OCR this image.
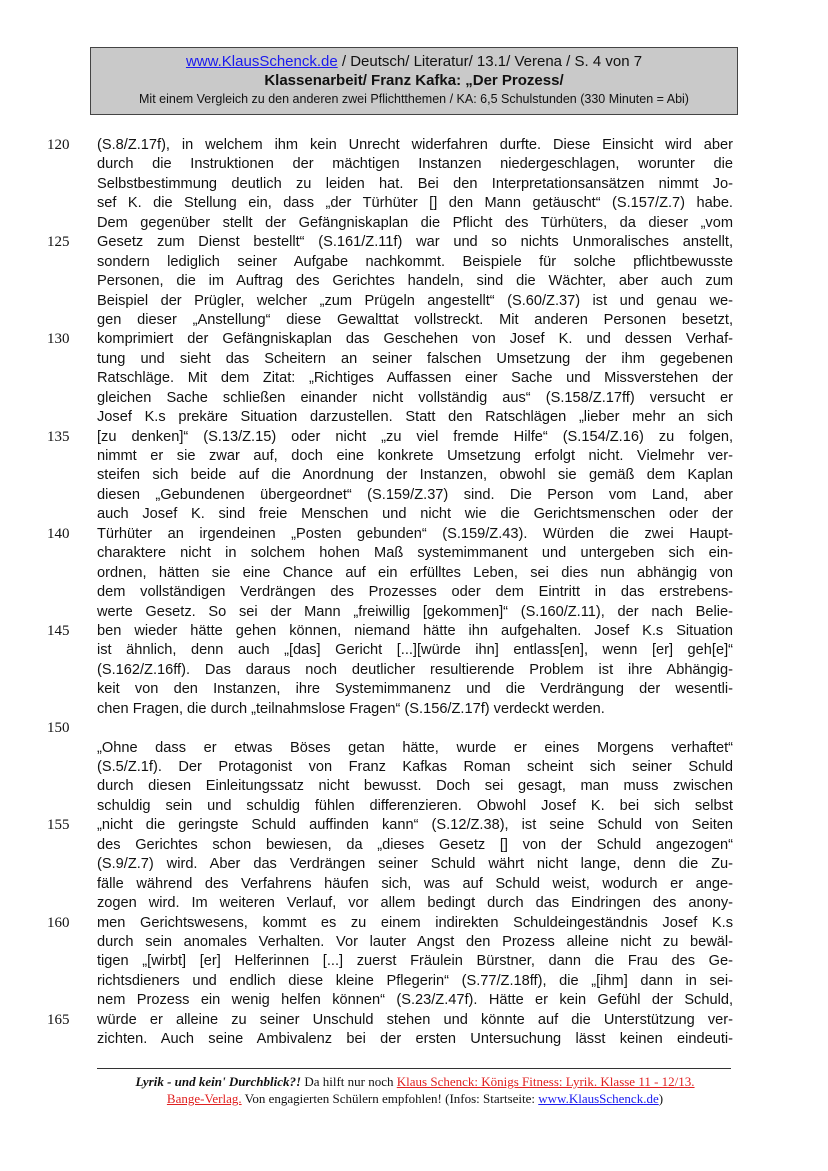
www.KlausSchenck.de / Deutsch/ Literatur/ 13.1/ Verena / S. 4 von 7
Klassenarbeit/ Franz Kafka: „Der Prozess/
Mit einem Vergleich zu den anderen zwei Pflichtthemen / KA: 6,5 Schulstunden (330 Minuten = Abi)
120	(S.8/Z.17f), in welchem ihm kein Unrecht widerfahren durfte. Diese Einsicht wird aber
durch die Instruktionen der mächtigen Instanzen niedergeschlagen, worunter die
Selbstbestimmung deutlich zu leiden hat. Bei den Interpretationsansätzen nimmt Jo-
sef K. die Stellung ein, dass „der Türhüter [] den Mann getäuscht“ (S.157/Z.7) habe.
Dem gegenüber stellt der Gefängniskaplan die Pflicht des Türhüters, da dieser „vom
125	Gesetz zum Dienst bestellt“ (S.161/Z.11f) war und so nichts Unmoralisches anstellt,
sondern lediglich seiner Aufgabe nachkommt. Beispiele für solche pflichtbewusste
Personen, die im Auftrag des Gerichtes handeln, sind die Wächter, aber auch zum
Beispiel der Prügler, welcher „zum Prügeln angestellt“ (S.60/Z.37) ist und genau we-
gen dieser „Anstellung“ diese Gewalttat vollstreckt. Mit anderen Personen besetzt,
130	komprimiert der Gefängniskaplan das Geschehen von Josef K. und dessen Verhaf-
tung und sieht das Scheitern an seiner falschen Umsetzung der ihm gegebenen
Ratschläge. Mit dem Zitat: „Richtiges Auffassen einer Sache und Missverstehen der
gleichen Sache schließen einander nicht vollständig aus“ (S.158/Z.17ff) versucht er
Josef K.s prekäre Situation darzustellen. Statt den Ratschlägen „lieber mehr an sich
135	[zu denken]“ (S.13/Z.15) oder nicht „zu viel fremde Hilfe“ (S.154/Z.16) zu folgen,
nimmt er sie zwar auf, doch eine konkrete Umsetzung erfolgt nicht. Vielmehr ver-
steifen sich beide auf die Anordnung der Instanzen, obwohl sie gemäß dem Kaplan
diesen „Gebundenen übergeordnet“ (S.159/Z.37) sind. Die Person vom Land, aber
auch Josef K. sind freie Menschen und nicht wie die Gerichtsmenschen oder der
140	Türhüter an irgendeinen „Posten gebunden“ (S.159/Z.43). Würden die zwei Haupt-
charaktere nicht in solchem hohen Maß systemimmanent und untergeben sich ein-
ordnen, hätten sie eine Chance auf ein erfülltes Leben, sei dies nun abhängig von
dem vollständigen Verdrängen des Prozesses oder dem Eintritt in das erstrebens-
werte Gesetz. So sei der Mann „freiwillig [gekommen]“ (S.160/Z.11), der nach Belie-
145	ben wieder hätte gehen können, niemand hätte ihn aufgehalten. Josef K.s Situation
ist ähnlich, denn auch „[das] Gericht [...][würde ihn] entlass[en], wenn [er] geh[e]“
(S.162/Z.16ff). Das daraus noch deutlicher resultierende Problem ist ihre Abhängig-
keit von den Instanzen, ihre Systemimmanenz und die Verdrängung der wesentli-
chen Fragen, die durch „teilnahmslose Fragen“ (S.156/Z.17f) verdeckt werden.
150
„Ohne dass er etwas Böses getan hätte, wurde er eines Morgens verhaftet“
(S.5/Z.1f). Der Protagonist von Franz Kafkas Roman scheint sich seiner Schuld
durch diesen Einleitungssatz nicht bewusst. Doch sei gesagt, man muss zwischen
schuldig sein und schuldig fühlen differenzieren. Obwohl Josef K. bei sich selbst
155	„nicht die geringste Schuld auffinden kann“ (S.12/Z.38), ist seine Schuld von Seiten
des Gerichtes schon bewiesen, da „dieses Gesetz [] von der Schuld angezogen“
(S.9/Z.7) wird. Aber das Verdrängen seiner Schuld währt nicht lange, denn die Zu-
fälle während des Verfahrens häufen sich, was auf Schuld weist, wodurch er ange-
zogen wird. Im weiteren Verlauf, vor allem bedingt durch das Eindringen des anony-
160	men Gerichtswesens, kommt es zu einem indirekten Schuldeingeständnis Josef K.s
durch sein anomales Verhalten. Vor lauter Angst den Prozess alleine nicht zu bewäl-
tigen „[wirbt] [er] Helferinnen [...] zuerst Fräulein Bürstner, dann die Frau des Ge-
richtsdieners und endlich diese kleine Pflegerin“ (S.77/Z.18ff), die „[ihm] dann in sei-
nem Prozess ein wenig helfen können“ (S.23/Z.47f). Hätte er kein Gefühl der Schuld,
165	würde er alleine zu seiner Unschuld stehen und könnte auf die Unterstützung ver-
zichten. Auch seine Ambivalenz bei der ersten Untersuchung lässt keinen eindeuti-
Lyrik - und kein' Durchblick?! Da hilft nur noch Klaus Schenck: Königs Fitness: Lyrik. Klasse 11 - 12/13.
Bange-Verlag. Von engagierten Schülern empfohlen! (Infos: Startseite: www.KlausSchenck.de)
